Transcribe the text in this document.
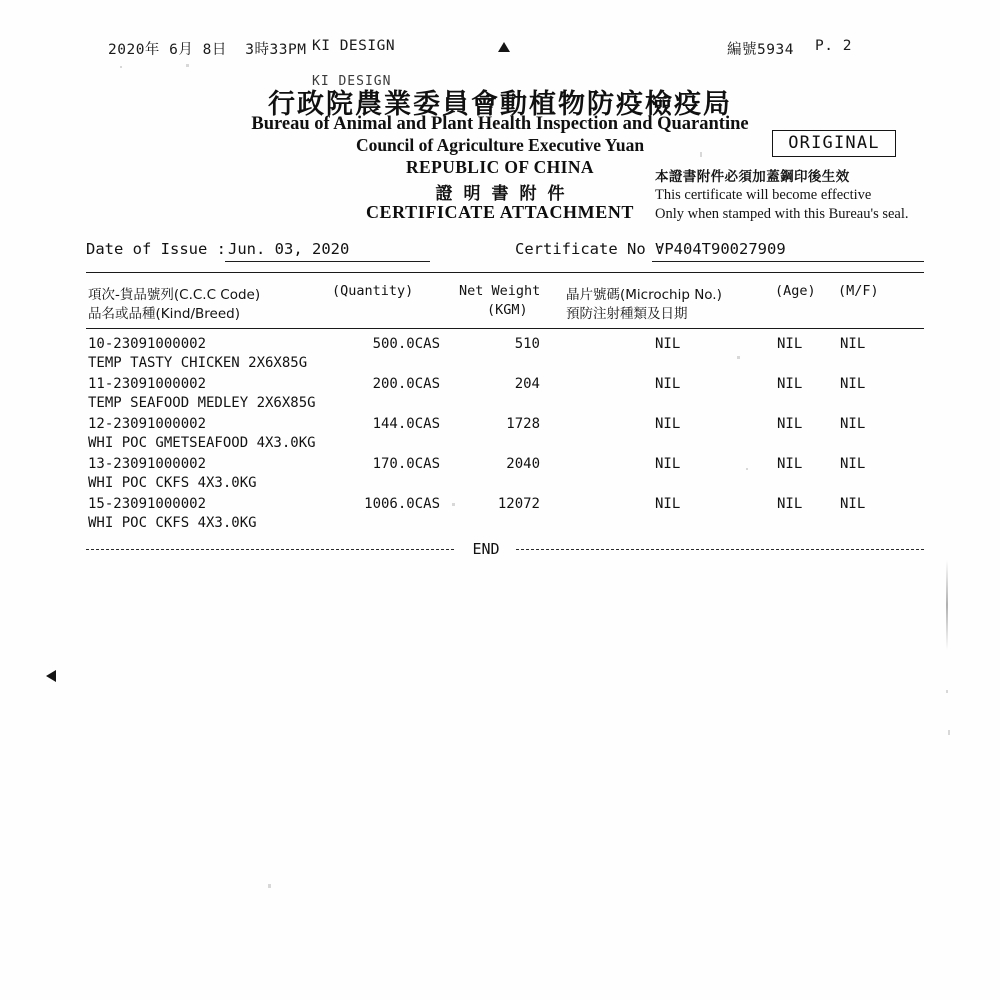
2020年 6月 8日  3時33PM KI DESIGN	編號5934 P. 2
KI DESIGN
行政院農業委員會動植物防疫檢疫局
Bureau of Animal and Plant Health Inspection and Quarantine
Council of Agriculture Executive Yuan
REPUBLIC OF CHINA
證明書附件
CERTIFICATE ATTACHMENT
ORIGINAL
本證書附件必須加蓋鋼印後生效
This certificate will become effective
Only when stamped with this Bureau's seal.
Date of Issue : Jun. 03, 2020	Certificate No :
VP404T90027909
項次-貨品號列(C.C.C Code)
品名或品種(Kind/Breed)
(Quantity)	Net Weight
(KGM)
晶片號碼(Microchip No.)
預防注射種類及日期
(Age) (M/F)
10-23091000002
TEMP TASTY CHICKEN 2X6X85G
500.0CAS	510	NIL	NIL	NIL
11-23091000002
TEMP SEAFOOD MEDLEY 2X6X85G
200.0CAS	204	NIL	NIL	NIL
12-23091000002
WHI POC GMETSEAFOOD 4X3.0KG
144.0CAS	1728	NIL	NIL	NIL
13-23091000002
WHI POC CKFS 4X3.0KG
170.0CAS	2040	NIL	NIL	NIL
15-23091000002
WHI POC CKFS 4X3.0KG
1006.0CAS	12072	NIL	NIL	NIL
END
